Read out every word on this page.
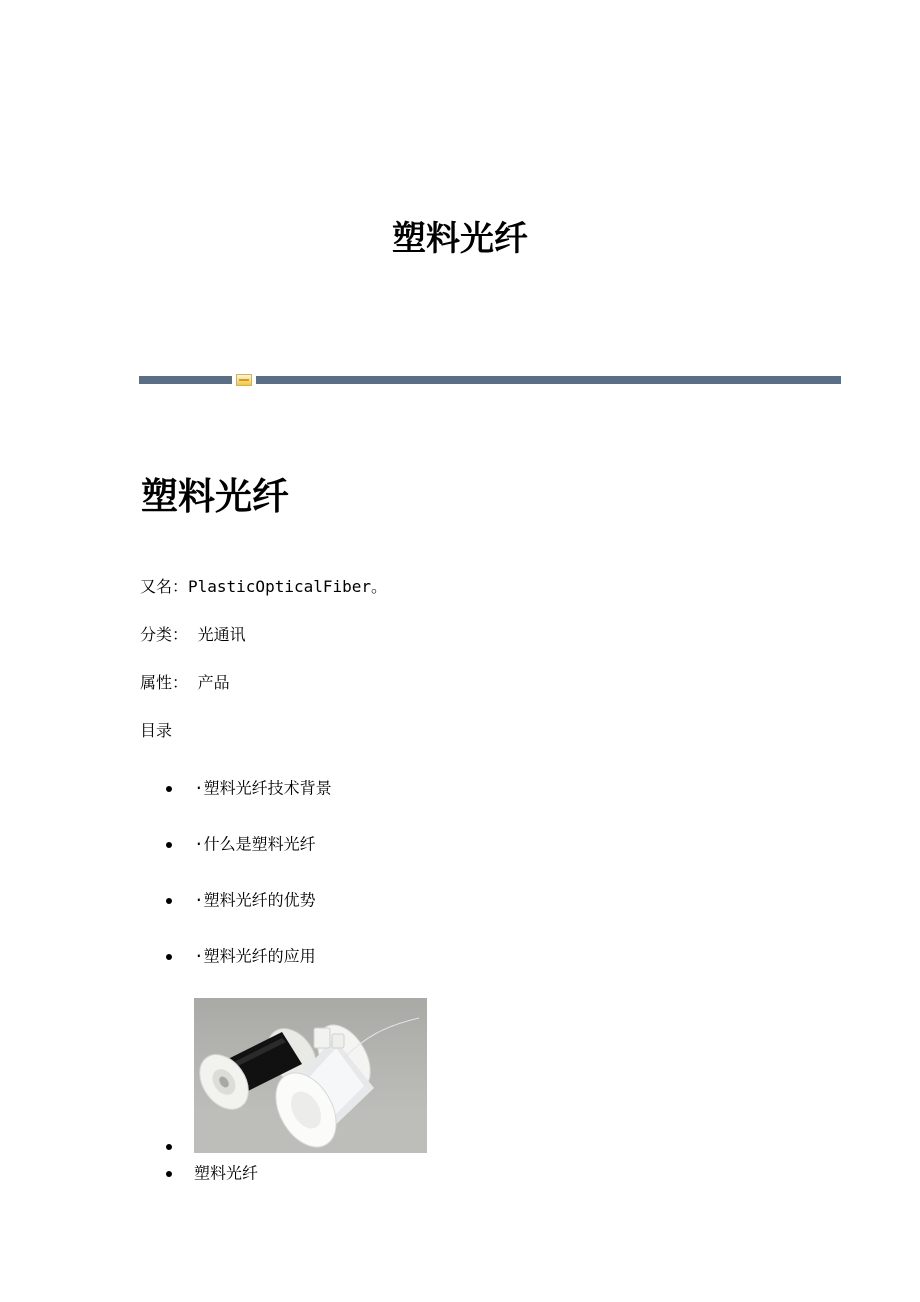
塑料光纤
塑料光纤

又名：PlasticOpticalFiber。

分类： 光通讯

属性： 产品

目录

·塑料光纤技术背景
·什么是塑料光纤
·塑料光纤的优势
·塑料光纤的应用
塑料光纤
